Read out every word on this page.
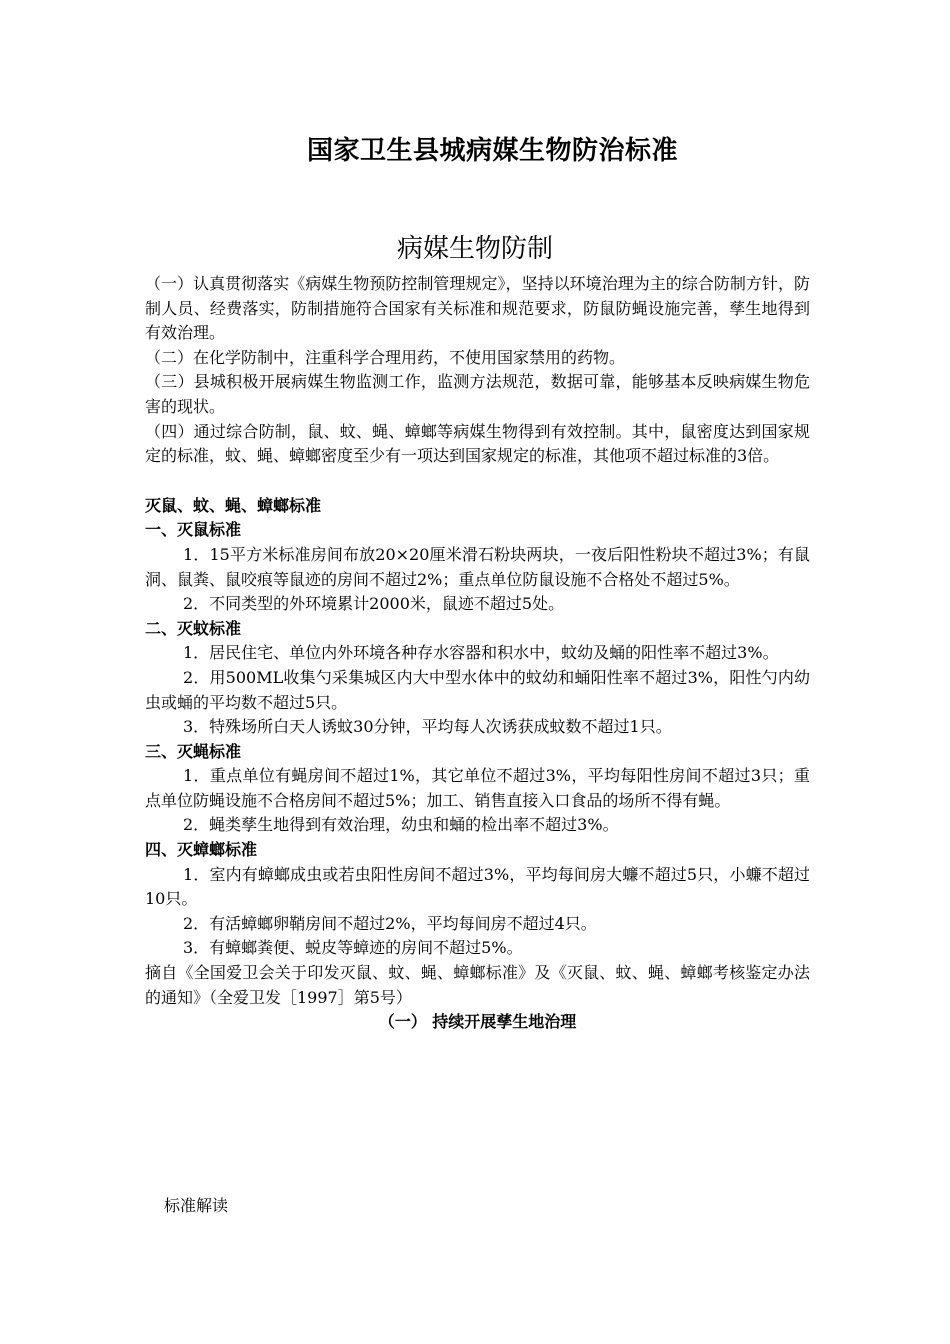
国家卫生县城病媒生物防治标准
病媒生物防制

（一）认真贯彻落实《病媒生物预防控制管理规定》，坚持以环境治理为主的综合防制方针，防制人员、经费落实，防制措施符合国家有关标准和规范要求，防鼠防蝇设施完善，孳生地得到有效治理。

（二）在化学防制中，注重科学合理用药，不使用国家禁用的药物。

（三）县城积极开展病媒生物监测工作，监测方法规范，数据可靠，能够基本反映病媒生物危害的现状。

（四）通过综合防制，鼠、蚊、蝇、蟑螂等病媒生物得到有效控制。其中，鼠密度达到国家规定的标准，蚊、蝇、蟑螂密度至少有一项达到国家规定的标准，其他项不超过标准的3倍。

灭鼠、蚊、蝇、蟑螂标准

一、灭鼠标准

1．15平方米标准房间布放20×20厘米滑石粉块两块，一夜后阳性粉块不超过3%；有鼠洞、鼠粪、鼠咬痕等鼠迹的房间不超过2%；重点单位防鼠设施不合格处不超过5%。

2．不同类型的外环境累计2000米，鼠迹不超过5处。

二、灭蚊标准

1．居民住宅、单位内外环境各种存水容器和积水中，蚊幼及蛹的阳性率不超过3%。

2．用500ML收集勺采集城区内大中型水体中的蚊幼和蛹阳性率不超过3%，阳性勺内幼虫或蛹的平均数不超过5只。

3．特殊场所白天人诱蚊30分钟，平均每人次诱获成蚊数不超过1只。

三、灭蝇标准

1．重点单位有蝇房间不超过1%，其它单位不超过3%，平均每阳性房间不超过3只；重点单位防蝇设施不合格房间不超过5%；加工、销售直接入口食品的场所不得有蝇。

2．蝇类孳生地得到有效治理，幼虫和蛹的检出率不超过3%。

四、灭蟑螂标准

1．室内有蟑螂成虫或若虫阳性房间不超过3%，平均每间房大蠊不超过5只，小蠊不超过10只。

2．有活蟑螂卵鞘房间不超过2%，平均每间房不超过4只。

3．有蟑螂粪便、蜕皮等蟑迹的房间不超过5%。

摘自《全国爱卫会关于印发灭鼠、蚊、蝇、蟑螂标准》及《灭鼠、蚊、蝇、蟑螂考核鉴定办法的通知》（全爱卫发［1997］第5号）

（一） 持续开展孳生地治理

标准解读
